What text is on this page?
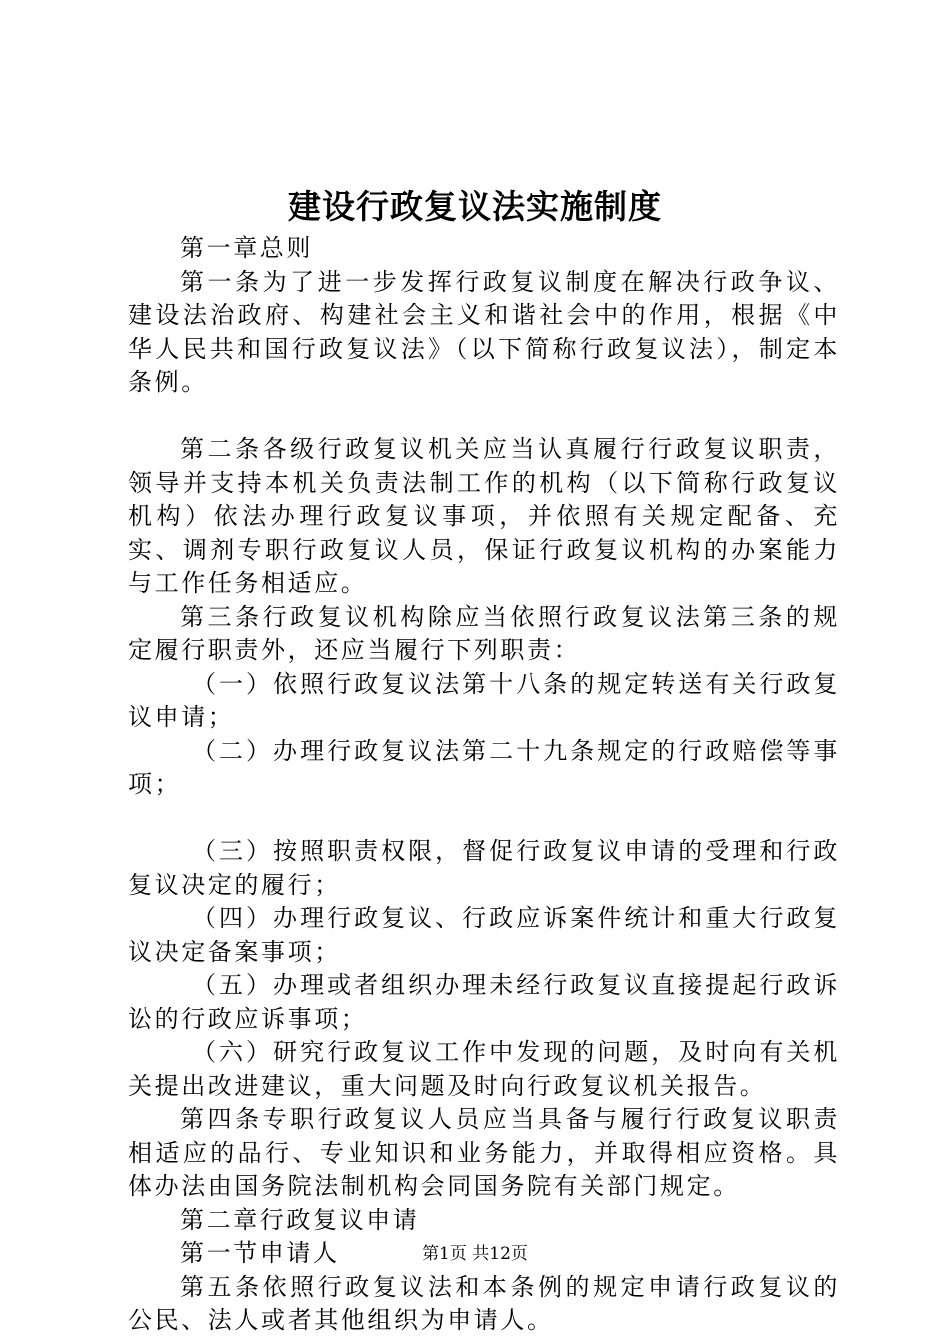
建设行政复议法实施制度

第一章总则

第一条为了进一步发挥行政复议制度在解决行政争议、建设法治政府、构建社会主义和谐社会中的作用，根据《中华人民共和国行政复议法》（以下简称行政复议法），制定本条例。

第二条各级行政复议机关应当认真履行行政复议职责，领导并支持本机关负责法制工作的机构（以下简称行政复议机构）依法办理行政复议事项，并依照有关规定配备、充实、调剂专职行政复议人员，保证行政复议机构的办案能力与工作任务相适应。

第三条行政复议机构除应当依照行政复议法第三条的规定履行职责外，还应当履行下列职责：

（一）依照行政复议法第十八条的规定转送有关行政复议申请；

（二）办理行政复议法第二十九条规定的行政赔偿等事项；

（三）按照职责权限，督促行政复议申请的受理和行政复议决定的履行；

（四）办理行政复议、行政应诉案件统计和重大行政复议决定备案事项；

（五）办理或者组织办理未经行政复议直接提起行政诉讼的行政应诉事项；

（六）研究行政复议工作中发现的问题，及时向有关机关提出改进建议，重大问题及时向行政复议机关报告。

第四条专职行政复议人员应当具备与履行行政复议职责相适应的品行、专业知识和业务能力，并取得相应资格。具体办法由国务院法制机构会同国务院有关部门规定。

第二章行政复议申请

第一节申请人

第五条依照行政复议法和本条例的规定申请行政复议的公民、法人或者其他组织为申请人。

第1页 共12页
